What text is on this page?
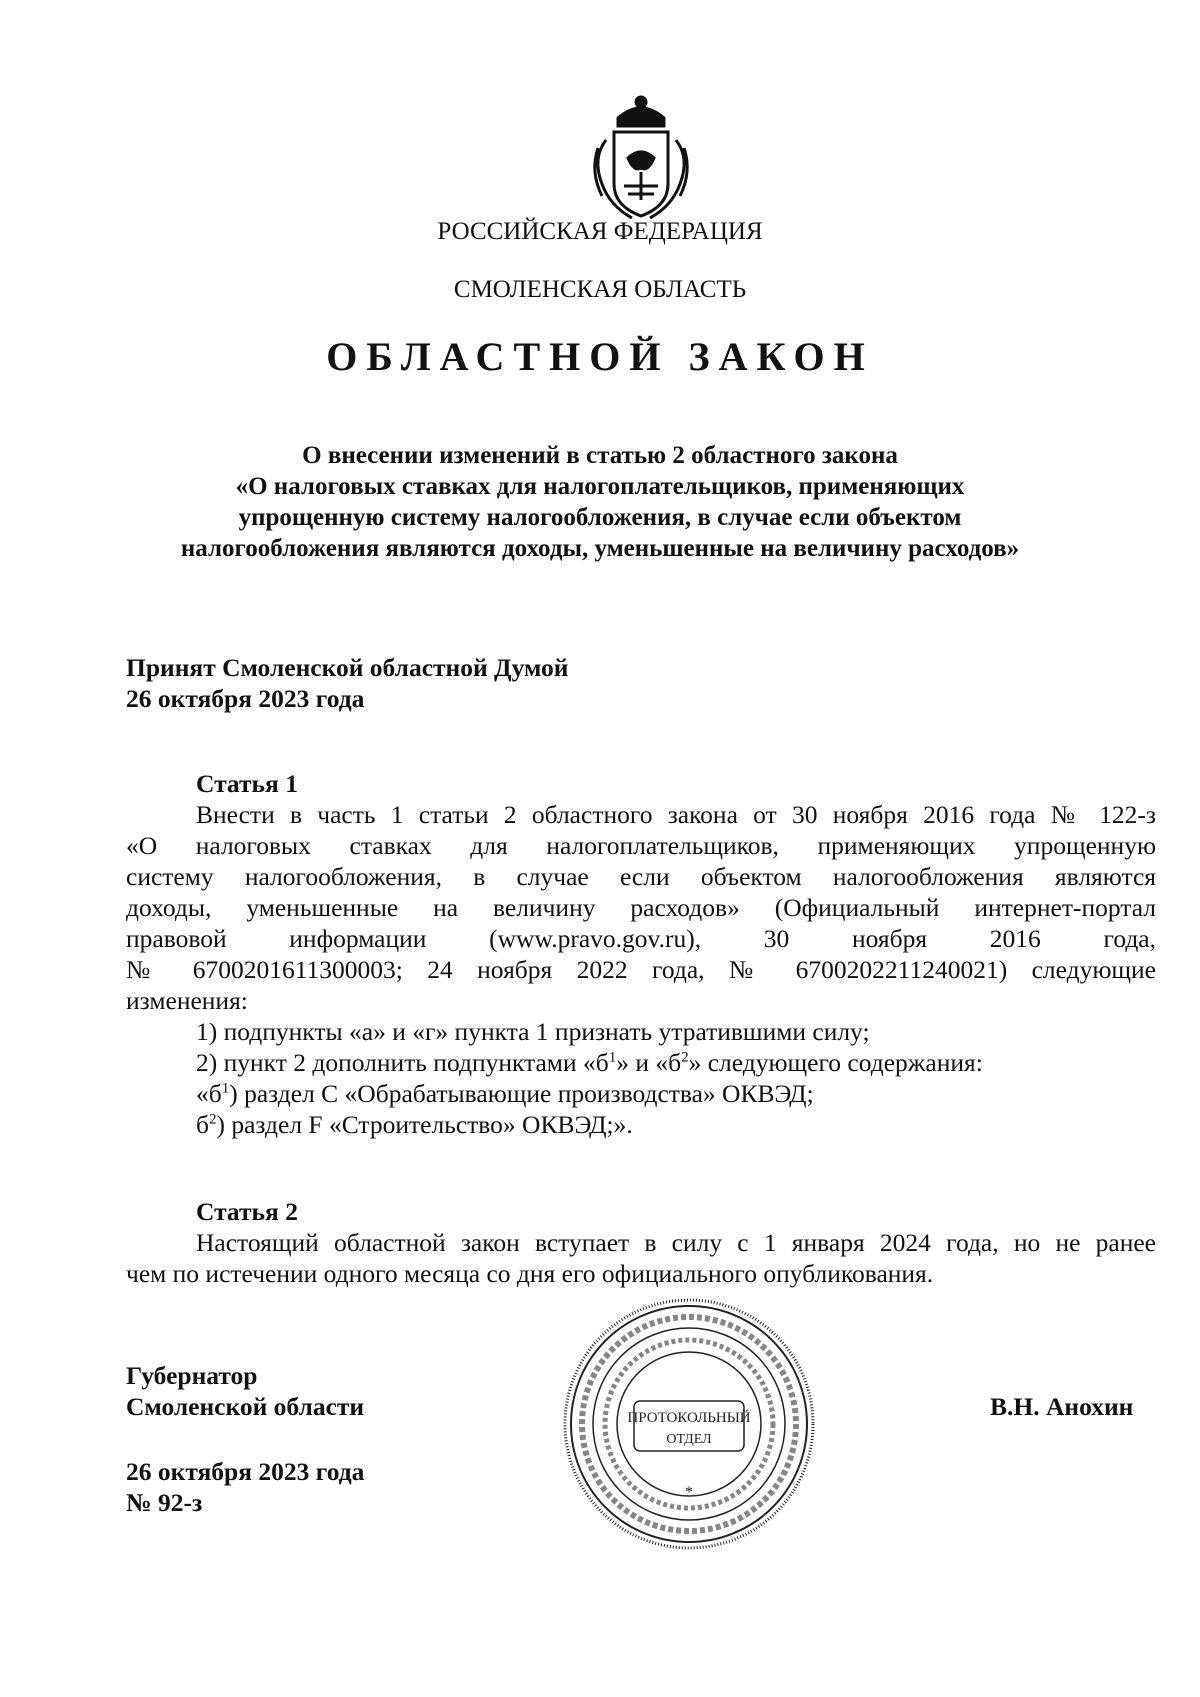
РОССИЙСКАЯ ФЕДЕРАЦИЯ
СМОЛЕНСКАЯ ОБЛАСТЬ
ОБЛАСТНОЙ ЗАКОН
О внесении изменений в статью 2 областного закона
«О налоговых ставках для налогоплательщиков, применяющих
упрощенную систему налогообложения, в случае если объектом
налогообложения являются доходы, уменьшенные на величину расходов»
Принят Смоленской областной Думой
26 октября 2023 года
Статья 1
Внести в часть 1 статьи 2 областного закона от 30 ноября 2016 года № 122-з
«О налоговых ставках для налогоплательщиков, применяющих упрощенную
систему налогообложения, в случае если объектом налогообложения являются
доходы, уменьшенные на величину расходов» (Официальный интернет-портал
правовой информации (www.pravo.gov.ru), 30 ноября 2016 года,
№ 6700201611300003; 24 ноября 2022 года, № 6700202211240021) следующие
изменения:
1) подпункты «а» и «г» пункта 1 признать утратившими силу;
2) пункт 2 дополнить подпунктами «$б^1$» и «$б^2$» следующего содержания:
«$б^1$) раздел C «Обрабатывающие производства» ОКВЭД;
$б^2$) раздел F «Строительство» ОКВЭД;».
Статья 2
Настоящий областной закон вступает в силу с 1 января 2024 года, но не ранее
чем по истечении одного месяца со дня его официального опубликования.
Губернатор
Смоленской области	В.Н. Анохин
26 октября 2023 года
№ 92-з
ПРОТОКОЛЬНЫЙ
ОТДЕЛ
*
